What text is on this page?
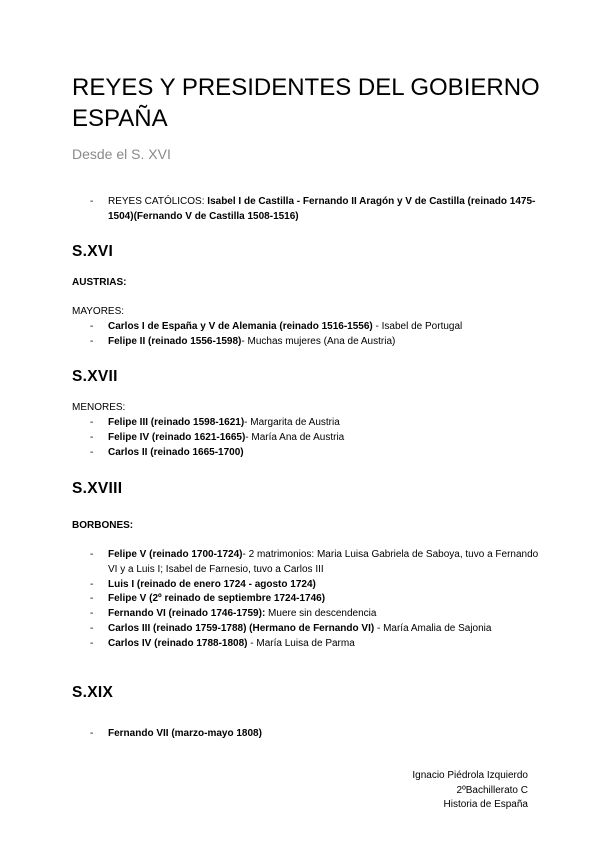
REYES Y PRESIDENTES DEL GOBIERNO ESPAÑA
Desde el S. XVI
- REYES CATÓLICOS: Isabel I de Castilla - Fernando II Aragón y V de Castilla (reinado 1475-1504)(Fernando V de Castilla 1508-1516)
S.XVI
AUSTRIAS:
MAYORES:
- Carlos I de España y V de Alemania (reinado 1516-1556) - Isabel de Portugal
- Felipe II (reinado 1556-1598)- Muchas mujeres (Ana de Austria)
S.XVII
MENORES:
- Felipe III (reinado 1598-1621)- Margarita de Austria
- Felipe IV (reinado 1621-1665)- María Ana de Austria
- Carlos II (reinado 1665-1700)
S.XVIII
BORBONES:
- Felipe V (reinado 1700-1724)- 2 matrimonios: Maria Luisa Gabriela de Saboya, tuvo a Fernando VI y a Luis I; Isabel de Farnesio, tuvo a Carlos III
- Luis I (reinado de enero 1724 - agosto 1724)
- Felipe V (2º reinado de septiembre 1724-1746)
- Fernando VI (reinado 1746-1759): Muere sin descendencia
- Carlos III (reinado 1759-1788) (Hermano de Fernando VI) - María Amalia de Sajonia
- Carlos IV (reinado 1788-1808) - María Luisa de Parma
S.XIX
- Fernando VII (marzo-mayo 1808)
Ignacio Piédrola Izquierdo
2ºBachillerato C
Historia de España
